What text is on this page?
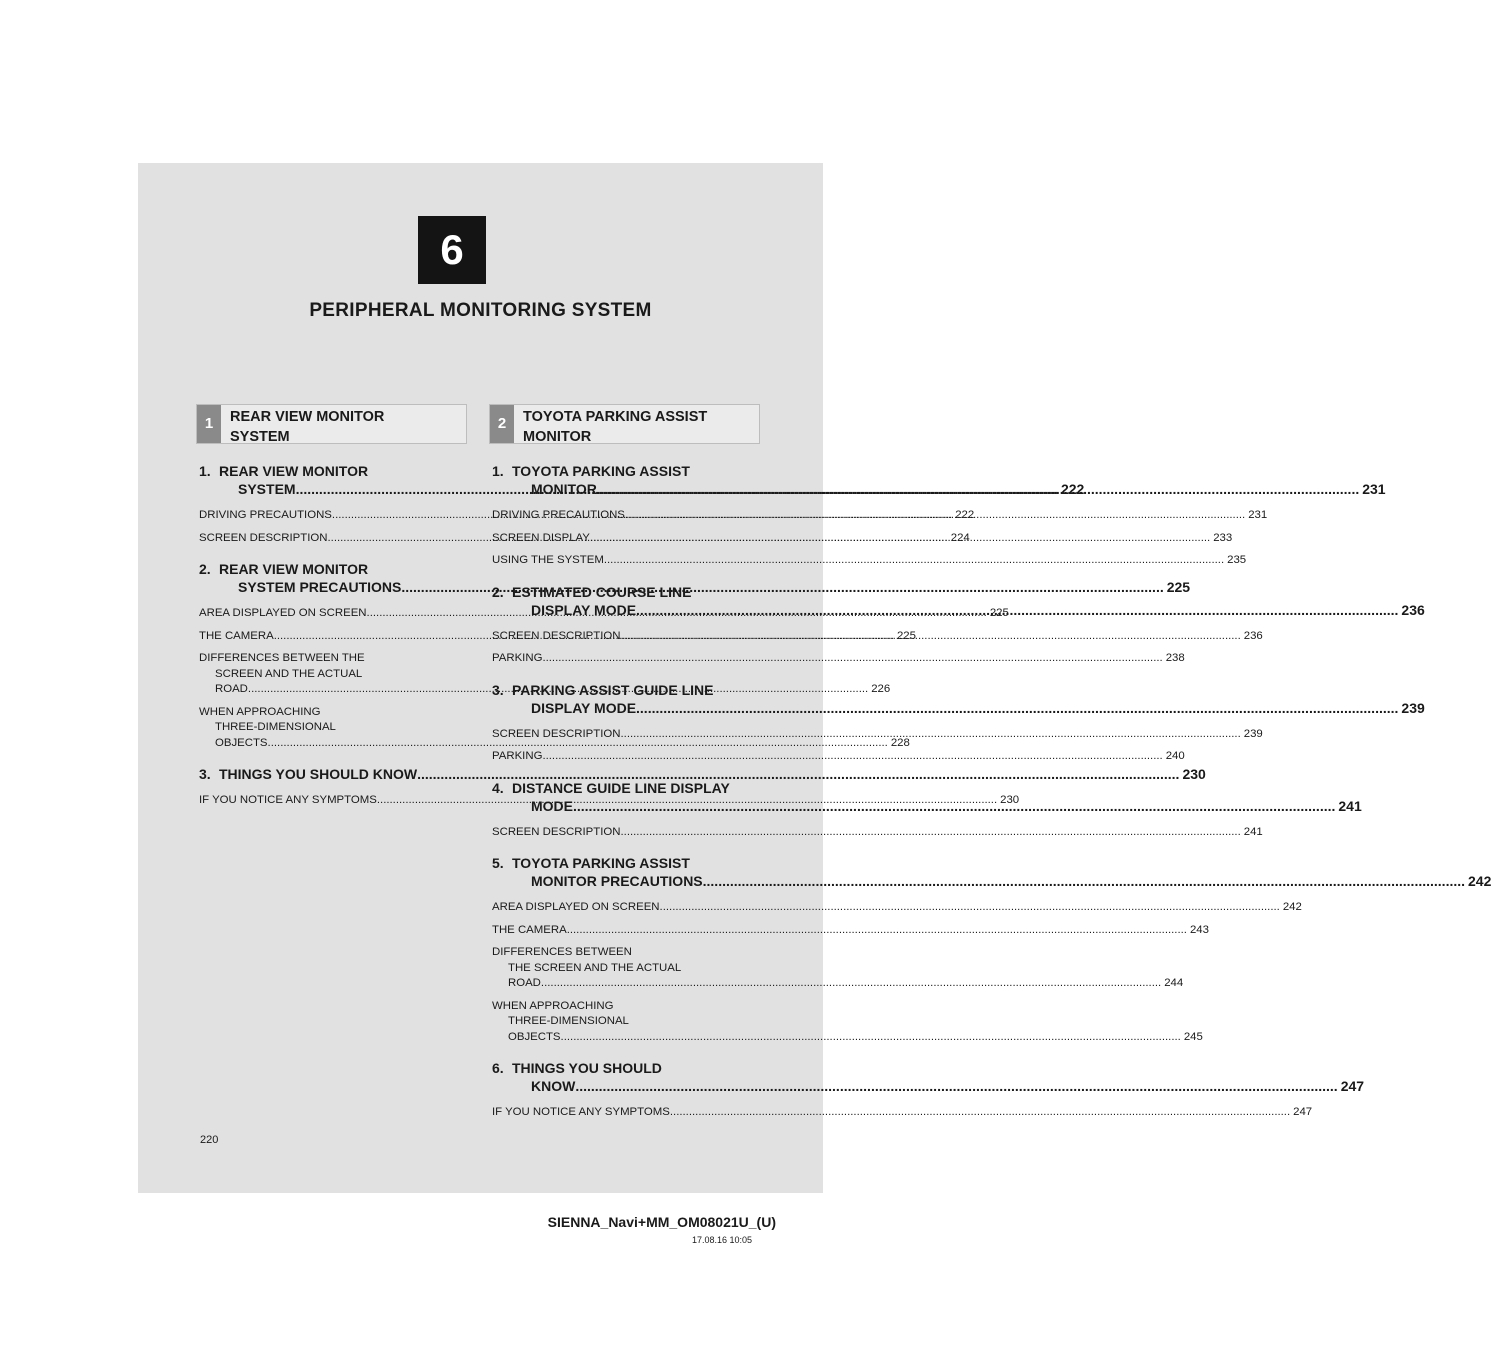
6
PERIPHERAL MONITORING SYSTEM
1	REAR VIEW MONITOR
SYSTEM
2	TOYOTA PARKING ASSIST
MONITOR
1. REAR VIEW MONITOR
SYSTEM .....	222
DRIVING PRECAUTIONS .....	222
SCREEN DESCRIPTION .....	224
2. REAR VIEW MONITOR
SYSTEM PRECAUTIONS .....	225
AREA DISPLAYED ON SCREEN .....	225
THE CAMERA .....	225
DIFFERENCES BETWEEN THE
SCREEN AND THE ACTUAL
ROAD .....	226
WHEN APPROACHING
THREE-DIMENSIONAL
OBJECTS .....	228
3. THINGS YOU SHOULD KNOW .....	230
IF YOU NOTICE ANY SYMPTOMS .....	230
1. TOYOTA PARKING ASSIST
MONITOR .....	231
DRIVING PRECAUTIONS .....	231
SCREEN DISPLAY .....	233
USING THE SYSTEM .....	235
2. ESTIMATED COURSE LINE
DISPLAY MODE .....	236
SCREEN DESCRIPTION .....	236
PARKING .....	238
3. PARKING ASSIST GUIDE LINE
DISPLAY MODE .....	239
SCREEN DESCRIPTION .....	239
PARKING .....	240
4. DISTANCE GUIDE LINE DISPLAY
MODE .....	241
SCREEN DESCRIPTION .....	241
5. TOYOTA PARKING ASSIST
MONITOR PRECAUTIONS .....	242
AREA DISPLAYED ON SCREEN .....	242
THE CAMERA .....	243
DIFFERENCES BETWEEN
THE SCREEN AND THE ACTUAL
ROAD .....	244
WHEN APPROACHING
THREE-DIMENSIONAL
OBJECTS .....	245
6. THINGS YOU SHOULD
KNOW .....	247
IF YOU NOTICE ANY SYMPTOMS .....	247
220
SIENNA_Navi+MM_OM08021U_(U)
17.08.16 10:05
